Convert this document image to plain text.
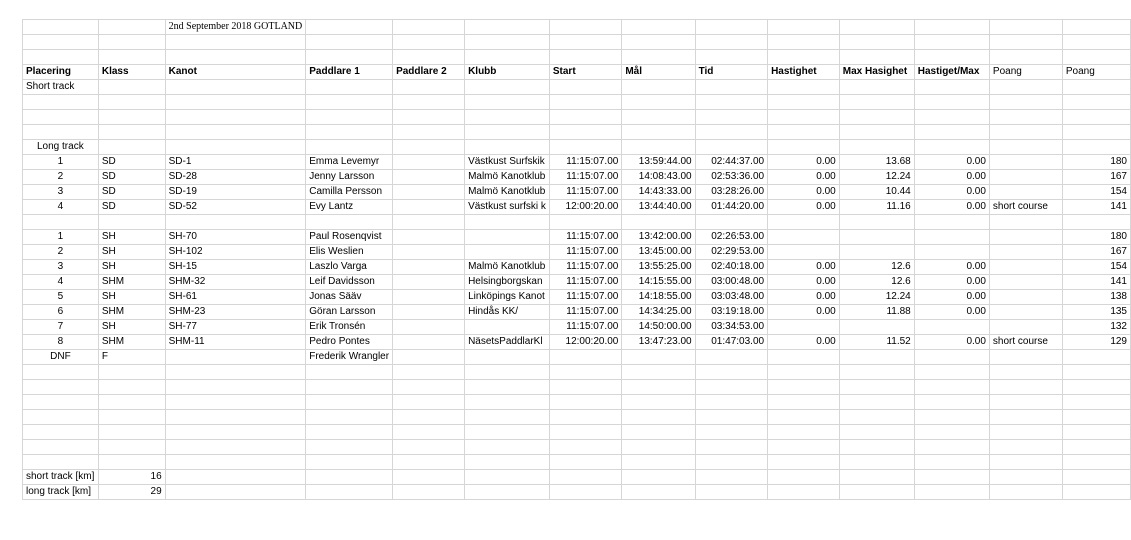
		2nd September 2018 GOTLAND											

Placering	Klass	Kanot	Paddlare 1	Paddlare 2	Klubb	Start	Mål	Tid	Hastighet	Max Hasighet	Hastiget/Max	Poang	Poang
Short track													

Long track													
1	SD	SD-1	Emma Levemyr		Västkust Surfskik	11:15:07.00	13:59:44.00	02:44:37.00	0.00	13.68	0.00		180
2	SD	SD-28	Jenny Larsson		Malmö Kanotklub	11:15:07.00	14:08:43.00	02:53:36.00	0.00	12.24	0.00		167
3	SD	SD-19	Camilla Persson		Malmö Kanotklub	11:15:07.00	14:43:33.00	03:28:26.00	0.00	10.44	0.00		154
4	SD	SD-52	Evy Lantz		Västkust surfski k	12:00:20.00	13:44:40.00	01:44:20.00	0.00	11.16	0.00	short course	141

1	SH	SH-70	Paul Rosenqvist			11:15:07.00	13:42:00.00	02:26:53.00					180
2	SH	SH-102	Elis Weslien			11:15:07.00	13:45:00.00	02:29:53.00					167
3	SH	SH-15	Laszlo Varga		Malmö Kanotklub	11:15:07.00	13:55:25.00	02:40:18.00	0.00	12.6	0.00		154
4	SHM	SHM-32	Leif Davidsson		Helsingborgskan	11:15:07.00	14:15:55.00	03:00:48.00	0.00	12.6	0.00		141
5	SH	SH-61	Jonas Sääv		Linköpings Kanot	11:15:07.00	14:18:55.00	03:03:48.00	0.00	12.24	0.00		138
6	SHM	SHM-23	Göran Larsson		Hindås KK/	11:15:07.00	14:34:25.00	03:19:18.00	0.00	11.88	0.00		135
7	SH	SH-77	Erik Tronsén			11:15:07.00	14:50:00.00	03:34:53.00					132
8	SHM	SHM-11	Pedro Pontes		NäsetsPaddlarKl	12:00:20.00	13:47:23.00	01:47:03.00	0.00	11.52	0.00	short course	129
DNF	F		Frederik Wrangler										

short track [km]	16												
long track [km]	29												
